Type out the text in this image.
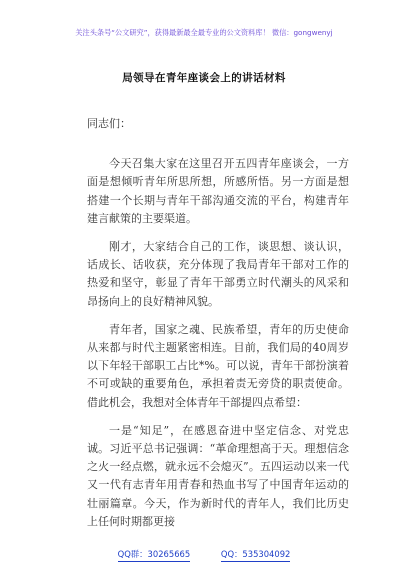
关注头条号“公文研究”，获得最新最全最专业的公文资料库！ 微信：gongwenyj
局领导在青年座谈会上的讲话材料

同志们：

今天召集大家在这里召开五四青年座谈会，一方面是想倾听青年所思所想，所感所悟。另一方面是想搭建一个长期与青年干部沟通交流的平台，构建青年建言献策的主要渠道。

刚才，大家结合自己的工作，谈思想、谈认识，话成长、话收获，充分体现了我局青年干部对工作的热爱和坚守，彰显了青年干部勇立时代潮头的风采和昂扬向上的良好精神风貌。

青年者，国家之魂、民族希望，青年的历史使命从来都与时代主题紧密相连。目前，我们局的40周岁以下年轻干部职工占比*%。可以说，青年干部扮演着不可或缺的重要角色，承担着责无旁贷的职责使命。借此机会，我想对全体青年干部提四点希望：

一是“知足”，在感恩奋进中坚定信念、对党忠诚。习近平总书记强调：“革命理想高于天。理想信念之火一经点燃，就永远不会熄灭”。五四运动以来一代又一代有志青年用青春和热血书写了中国青年运动的壮丽篇章。今天，作为新时代的青年人，我们比历史上任何时期都更接

QQ群：30265665	QQ：535304092
